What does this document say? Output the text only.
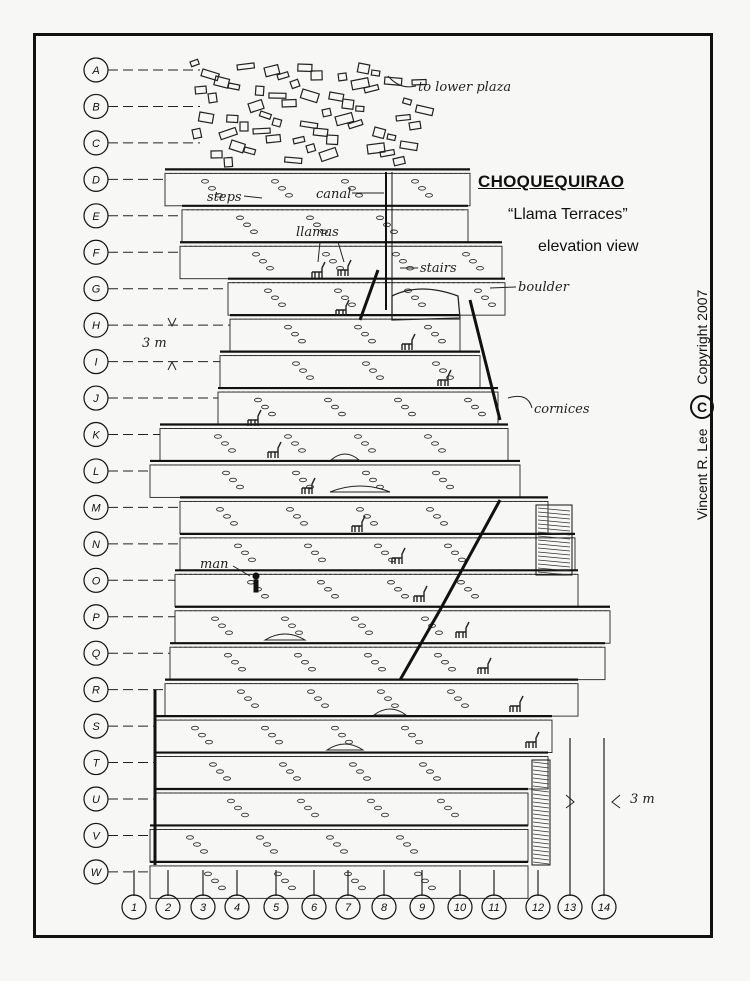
A
B
C
D
E
F
G
H
I
J
K
L
M
N
O
P
Q
R
S
T
U
V
W
1	2	3	4	5	6	7	8	9	10 11	12 13 14
to lower plaza
steps	canal
llamas
stairs
boulder
cornices
man
3 m
3 m
CHOQUEQUIRAO
“Llama Terraces”
elevation view
Vincent R. Lee C Copyright 2007
